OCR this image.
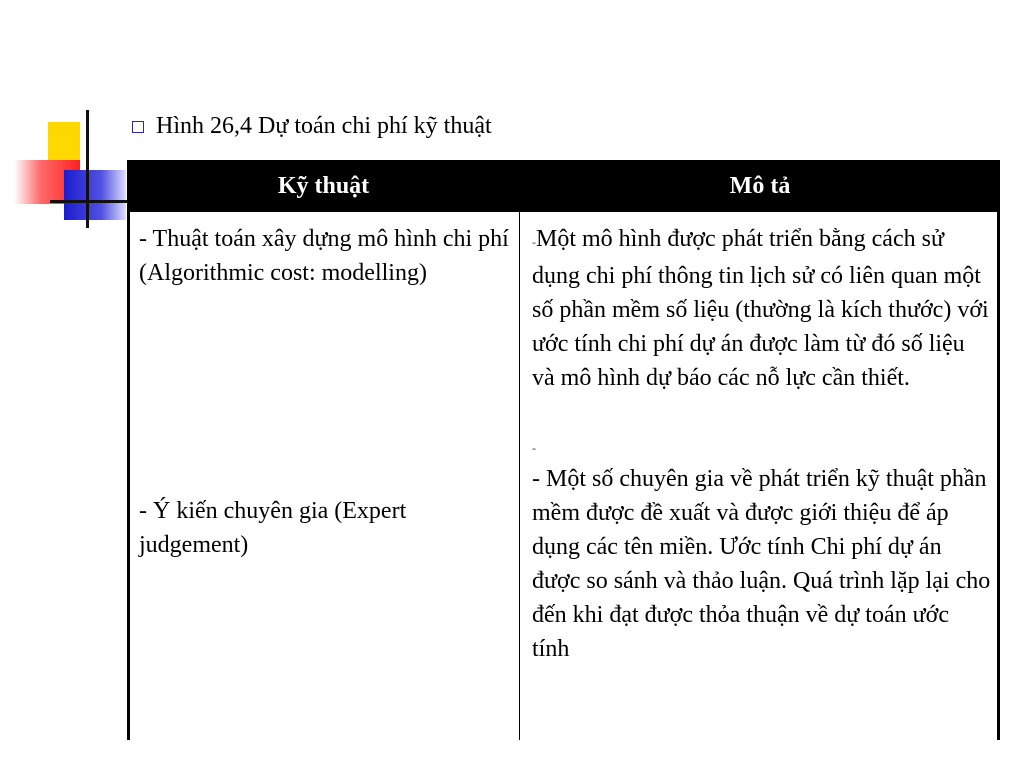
Hình 26,4 Dự toán chi phí kỹ thuật
Kỹ thuật	Mô tả
- Thuật toán xây dựng mô hình chi phí (Algorithmic cost: modelling)
-Một mô hình được phát triển bằng cách sử dụng chi phí thông tin lịch sử có liên quan một số phần mềm số liệu (thường là kích thước) với ước tính chi phí dự án được làm từ đó số liệu và mô hình dự báo các nỗ lực cần thiết.
- Ý kiến chuyên gia (Expert judgement)
-
- Một số chuyên gia về phát triển kỹ thuật phần mềm được đề xuất và được giới thiệu để áp dụng các tên miền. Ước tính Chi phí dự án được so sánh và thảo luận. Quá trình lặp lại cho đến khi đạt được thỏa thuận về dự toán ước tính
